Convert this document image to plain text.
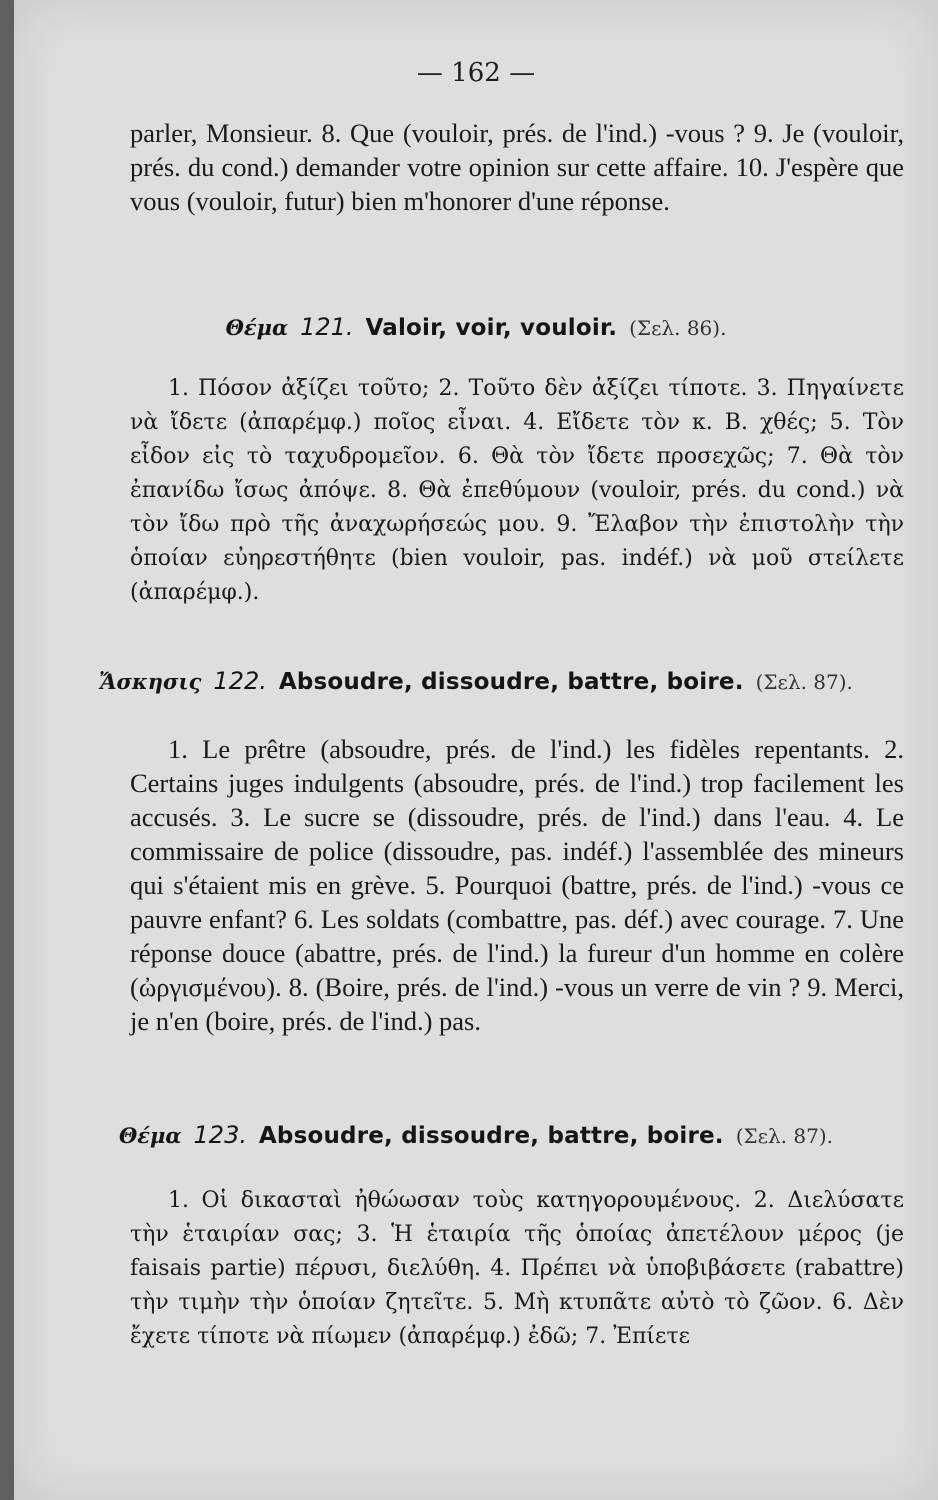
— 162 —
parler, Monsieur. 8. Que (vouloir, prés. de l'ind.) -vous ? 9. Je (vouloir, prés. du cond.) demander votre opinion sur cette affaire. 10. J'espère que vous (vouloir, futur) bien m'honorer d'une réponse.
Θέμα 121. Valoir, voir, vouloir. (Σελ. 86).
1. Πόσον ἀξίζει τοῦτο; 2. Τοῦτο δὲν ἀξίζει τίποτε. 3. Πηγαίνετε νὰ ἴδετε (ἀπαρέμφ.) ποῖος εἶναι. 4. Εἴδετε τὸν κ. Β. χθές; 5. Τὸν εἶδον εἰς τὸ ταχυδρομεῖον. 6. Θὰ τὸν ἴδετε προσεχῶς; 7. Θὰ τὸν ἐπανίδω ἴσως ἀπόψε. 8. Θὰ ἐπεθύμουν (vouloir, prés. du cond.) νὰ τὸν ἴδω πρὸ τῆς ἀναχωρήσεώς μου. 9. Ἔλαβον τὴν ἐπιστολὴν τὴν ὁποίαν εὐηρεστήθητε (bien vouloir, pas. indéf.) νὰ μοῦ στείλετε (ἀπαρέμφ.).
Ἄσκησις 122. Absoudre, dissoudre, battre, boire. (Σελ. 87).
1. Le prêtre (absoudre, prés. de l'ind.) les fidèles repentants. 2. Certains juges indulgents (absoudre, prés. de l'ind.) trop facilement les accusés. 3. Le sucre se (dissoudre, prés. de l'ind.) dans l'eau. 4. Le commissaire de police (dissoudre, pas. indéf.) l'assemblée des mineurs qui s'étaient mis en grève. 5. Pourquoi (battre, prés. de l'ind.) -vous ce pauvre enfant? 6. Les soldats (combattre, pas. déf.) avec courage. 7. Une réponse douce (abattre, prés. de l'ind.) la fureur d'un homme en colère (ὠργισμένου). 8. (Boire, prés. de l'ind.) -vous un verre de vin ? 9. Merci, je n'en (boire, prés. de l'ind.) pas.
Θέμα 123. Absoudre, dissoudre, battre, boire. (Σελ. 87).
1. Οἱ δικασταὶ ἠθώωσαν τοὺς κατηγορουμένους. 2. Διελύσατε τὴν ἑταιρίαν σας; 3. Ἡ ἑταιρία τῆς ὁποίας ἀπετέλουν μέρος (je faisais partie) πέρυσι, διελύθη. 4. Πρέπει νὰ ὑποβιβάσετε (rabattre) τὴν τιμὴν τὴν ὁποίαν ζητεῖτε. 5. Μὴ κτυπᾶτε αὐτὸ τὸ ζῶον. 6. Δὲν ἔχετε τίποτε νὰ πίωμεν (ἀπαρέμφ.) ἐδῶ; 7. Ἐπίετε
